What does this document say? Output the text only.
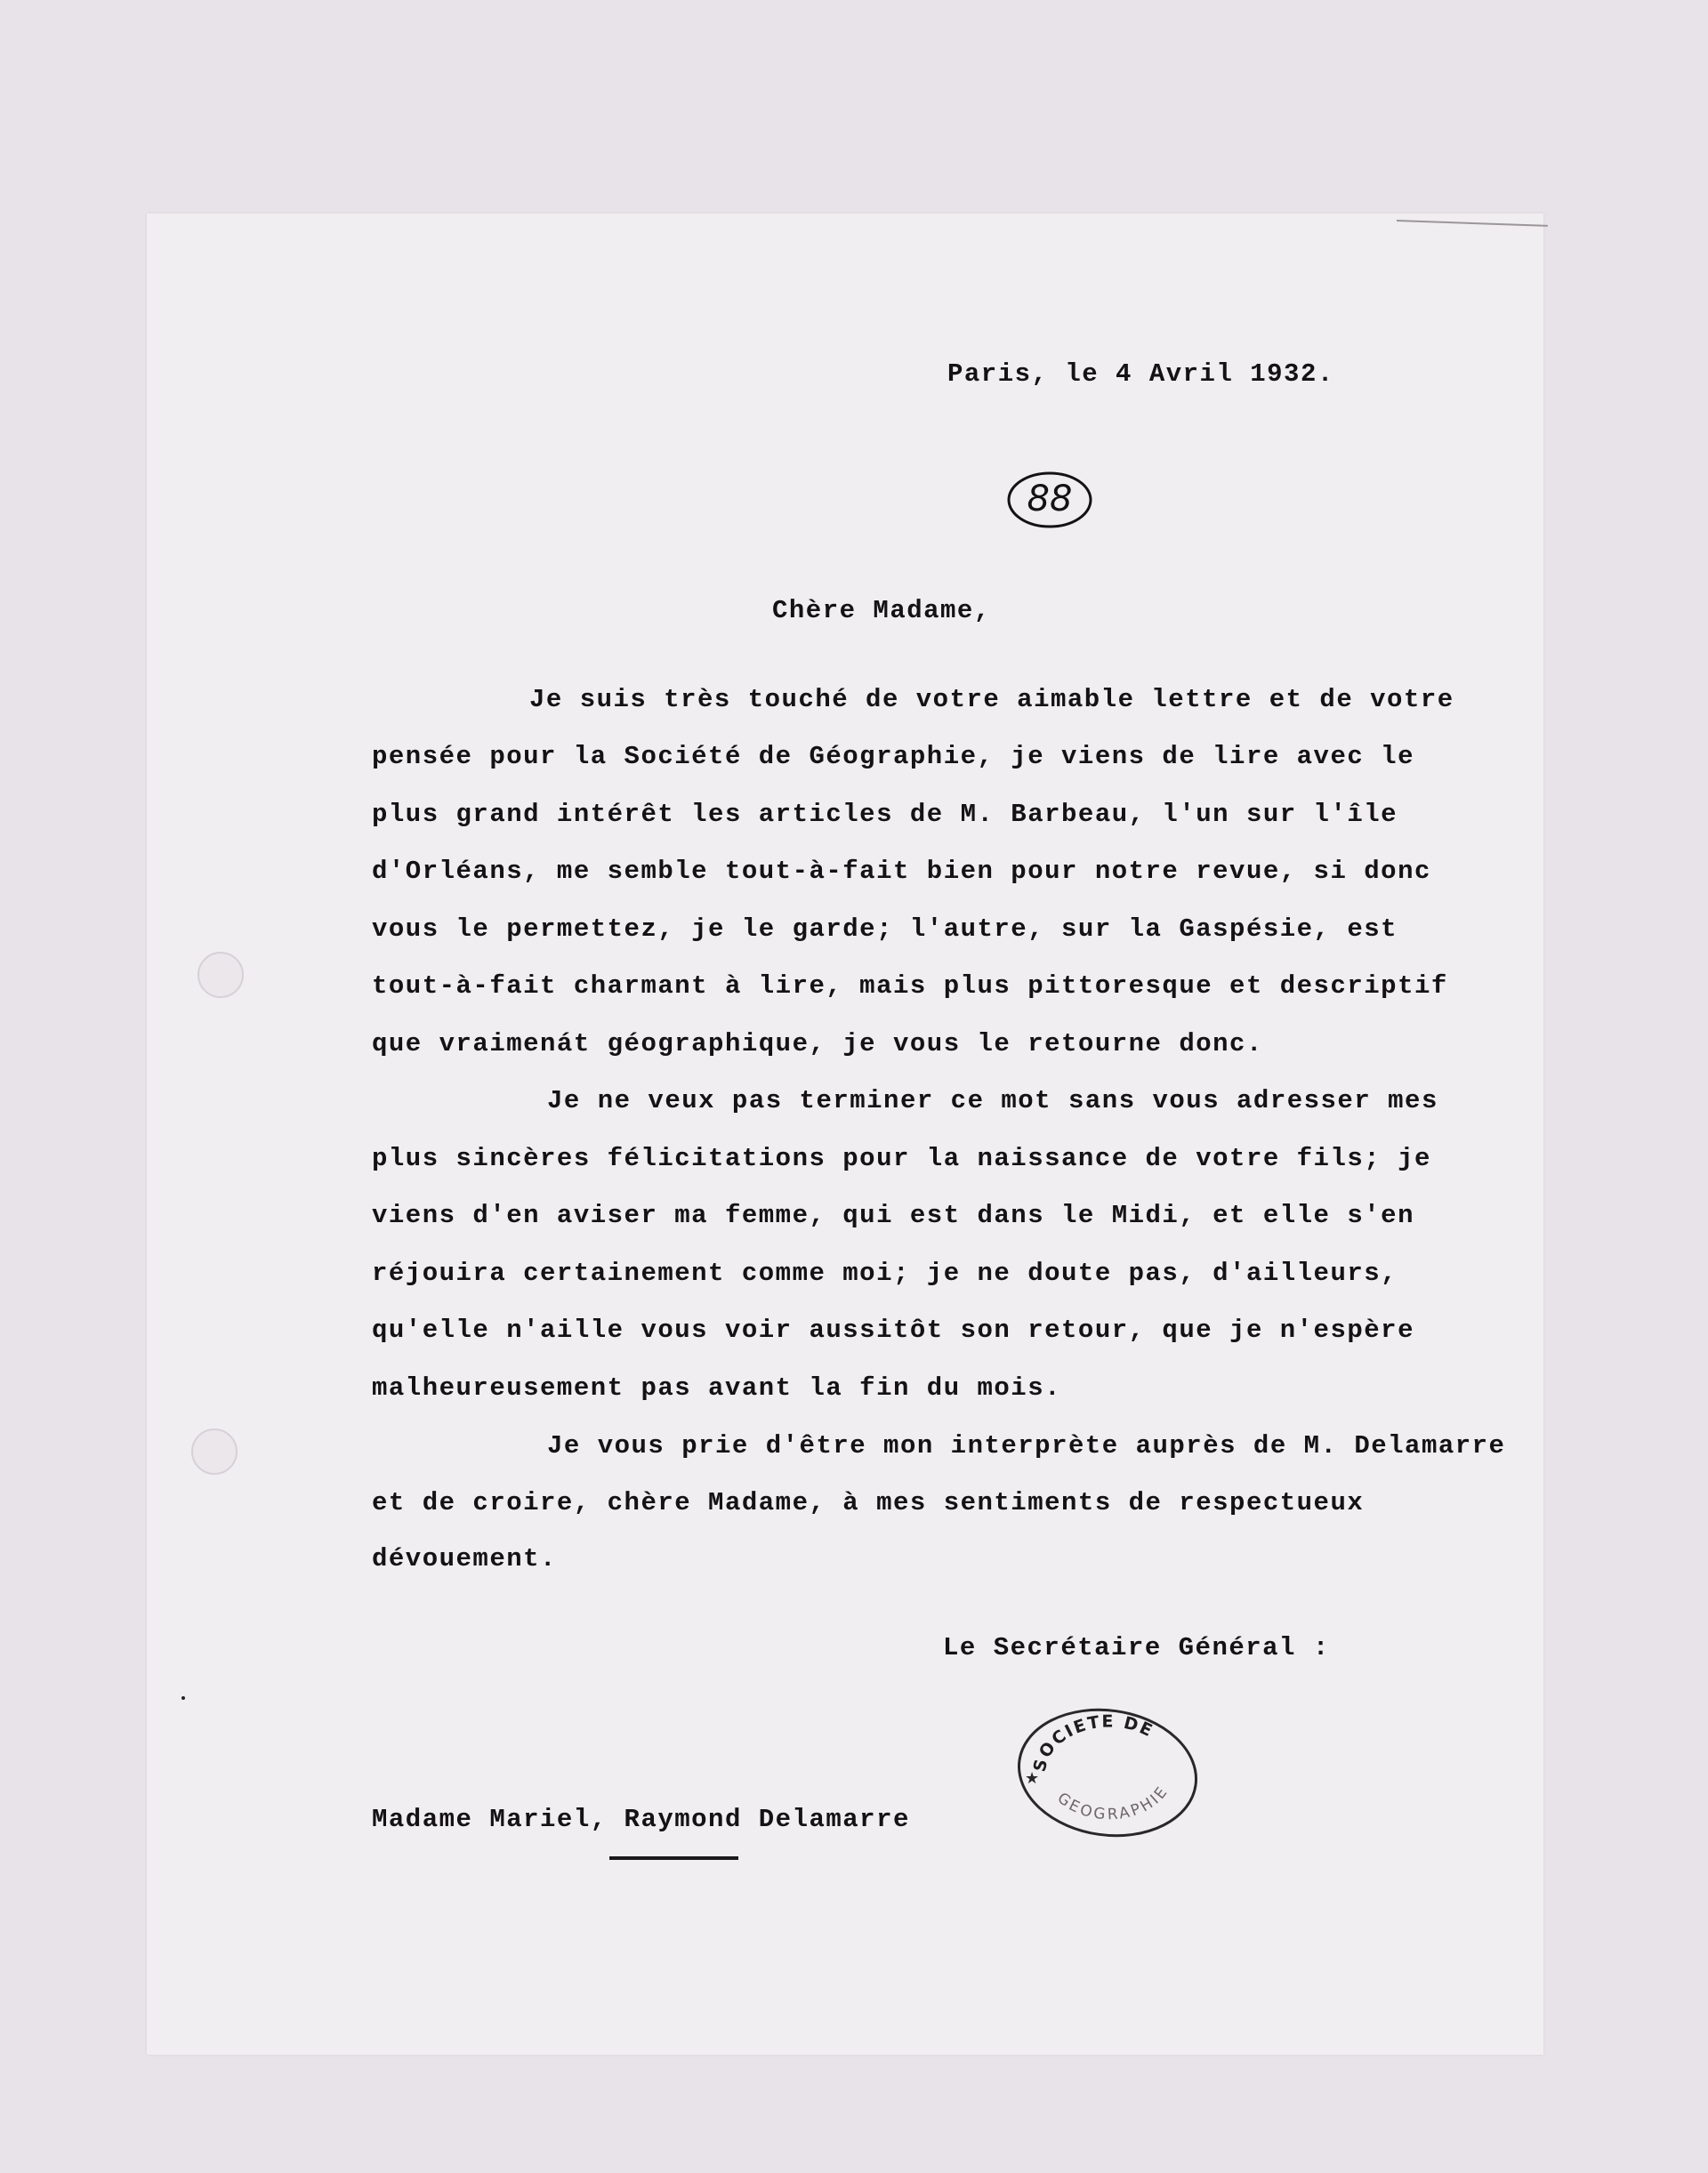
Paris, le 4 Avril 1932.
88
Chère Madame,
Je suis très touché de votre aimable lettre et de votre
pensée pour la Société de Géographie, je viens de lire avec le
plus grand intérêt les articles de M. Barbeau, l'un sur l'île
d'Orléans, me semble tout-à-fait bien pour notre revue, si donc
vous le permettez, je le garde; l'autre, sur la Gaspésie, est
tout-à-fait charmant à lire, mais plus pittoresque et descriptif
que vraimenát géographique, je vous le retourne donc.
Je ne veux pas terminer ce mot sans vous adresser mes
plus sincères félicitations pour la naissance de votre fils; je
viens d'en aviser ma femme, qui est dans le Midi, et elle s'en
réjouira certainement comme moi; je ne doute pas, d'ailleurs,
qu'elle n'aille vous voir aussitôt son retour, que je n'espère
malheureusement pas avant la fin du mois.
Je vous prie d'être mon interprète auprès de M. Delamarre
et de croire, chère Madame, à mes sentiments de respectueux
dévouement.
Le Secrétaire Général :
SOCIETE DE
GEOGRAPHIE
★
Madame Mariel, Raymond Delamarre
